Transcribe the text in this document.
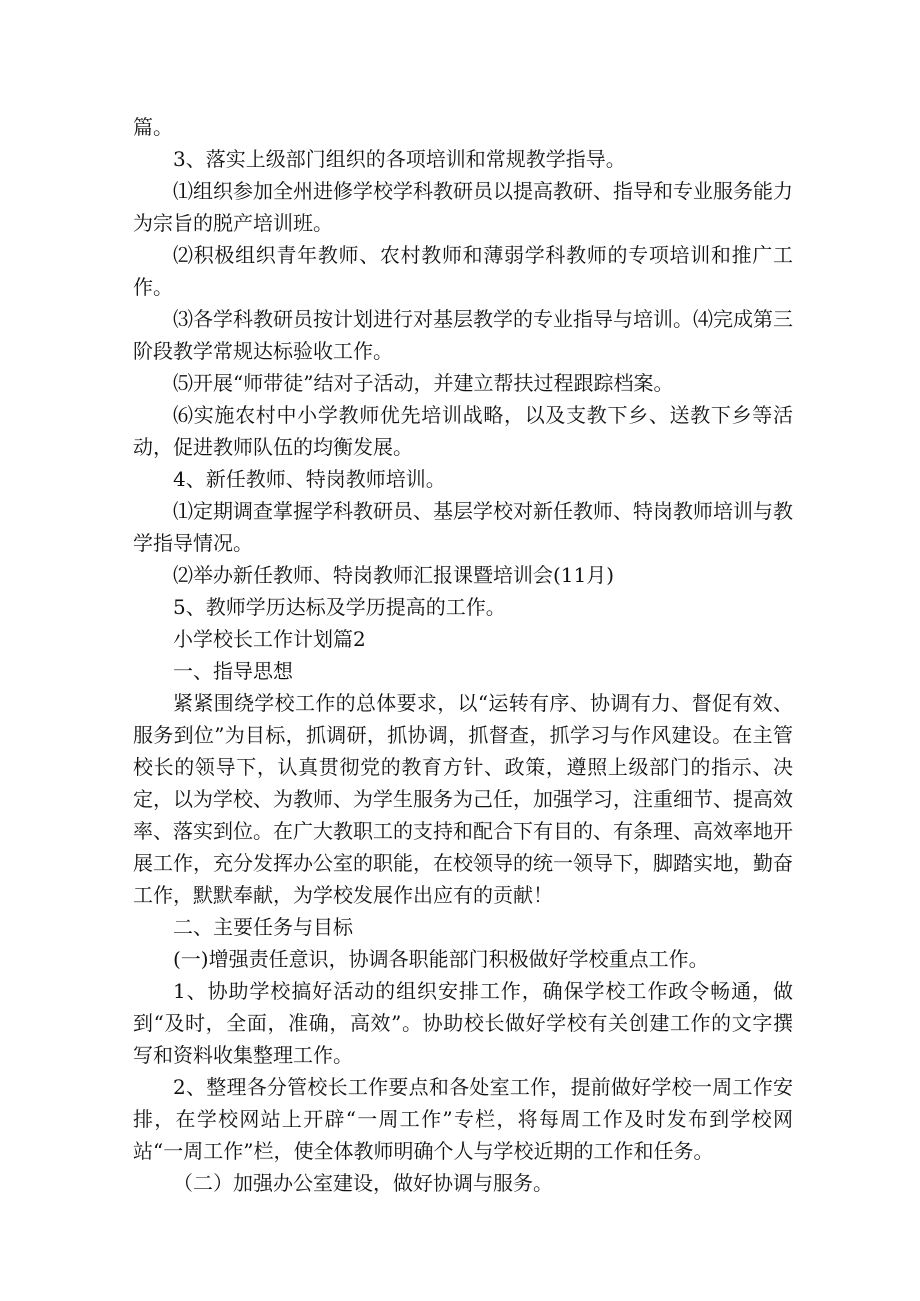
篇。

3、落实上级部门组织的各项培训和常规教学指导。

⑴组织参加全州进修学校学科教研员以提高教研、指导和专业服务能力为宗旨的脱产培训班。

⑵积极组织青年教师、农村教师和薄弱学科教师的专项培训和推广工作。

⑶各学科教研员按计划进行对基层教学的专业指导与培训。⑷完成第三阶段教学常规达标验收工作。

⑸开展“师带徒”结对子活动，并建立帮扶过程跟踪档案。

⑹实施农村中小学教师优先培训战略，以及支教下乡、送教下乡等活动，促进教师队伍的均衡发展。

4、新任教师、特岗教师培训。

⑴定期调查掌握学科教研员、基层学校对新任教师、特岗教师培训与教学指导情况。

⑵举办新任教师、特岗教师汇报课暨培训会(11月)

5、教师学历达标及学历提高的工作。

小学校长工作计划篇2

一、指导思想

紧紧围绕学校工作的总体要求，以“运转有序、协调有力、督促有效、服务到位”为目标，抓调研，抓协调，抓督查，抓学习与作风建设。在主管校长的领导下，认真贯彻党的教育方针、政策，遵照上级部门的指示、决定，以为学校、为教师、为学生服务为己任，加强学习，注重细节、提高效率、落实到位。在广大教职工的支持和配合下有目的、有条理、高效率地开展工作，充分发挥办公室的职能，在校领导的统一领导下，脚踏实地，勤奋工作，默默奉献，为学校发展作出应有的贡献！

二、主要任务与目标

(一)增强责任意识，协调各职能部门积极做好学校重点工作。

1、协助学校搞好活动的组织安排工作，确保学校工作政令畅通，做到“及时，全面，准确，高效”。协助校长做好学校有关创建工作的文字撰写和资料收集整理工作。

2、整理各分管校长工作要点和各处室工作，提前做好学校一周工作安排，在学校网站上开辟“一周工作”专栏，将每周工作及时发布到学校网站“一周工作”栏，使全体教师明确个人与学校近期的工作和任务。

（二）加强办公室建设，做好协调与服务。
